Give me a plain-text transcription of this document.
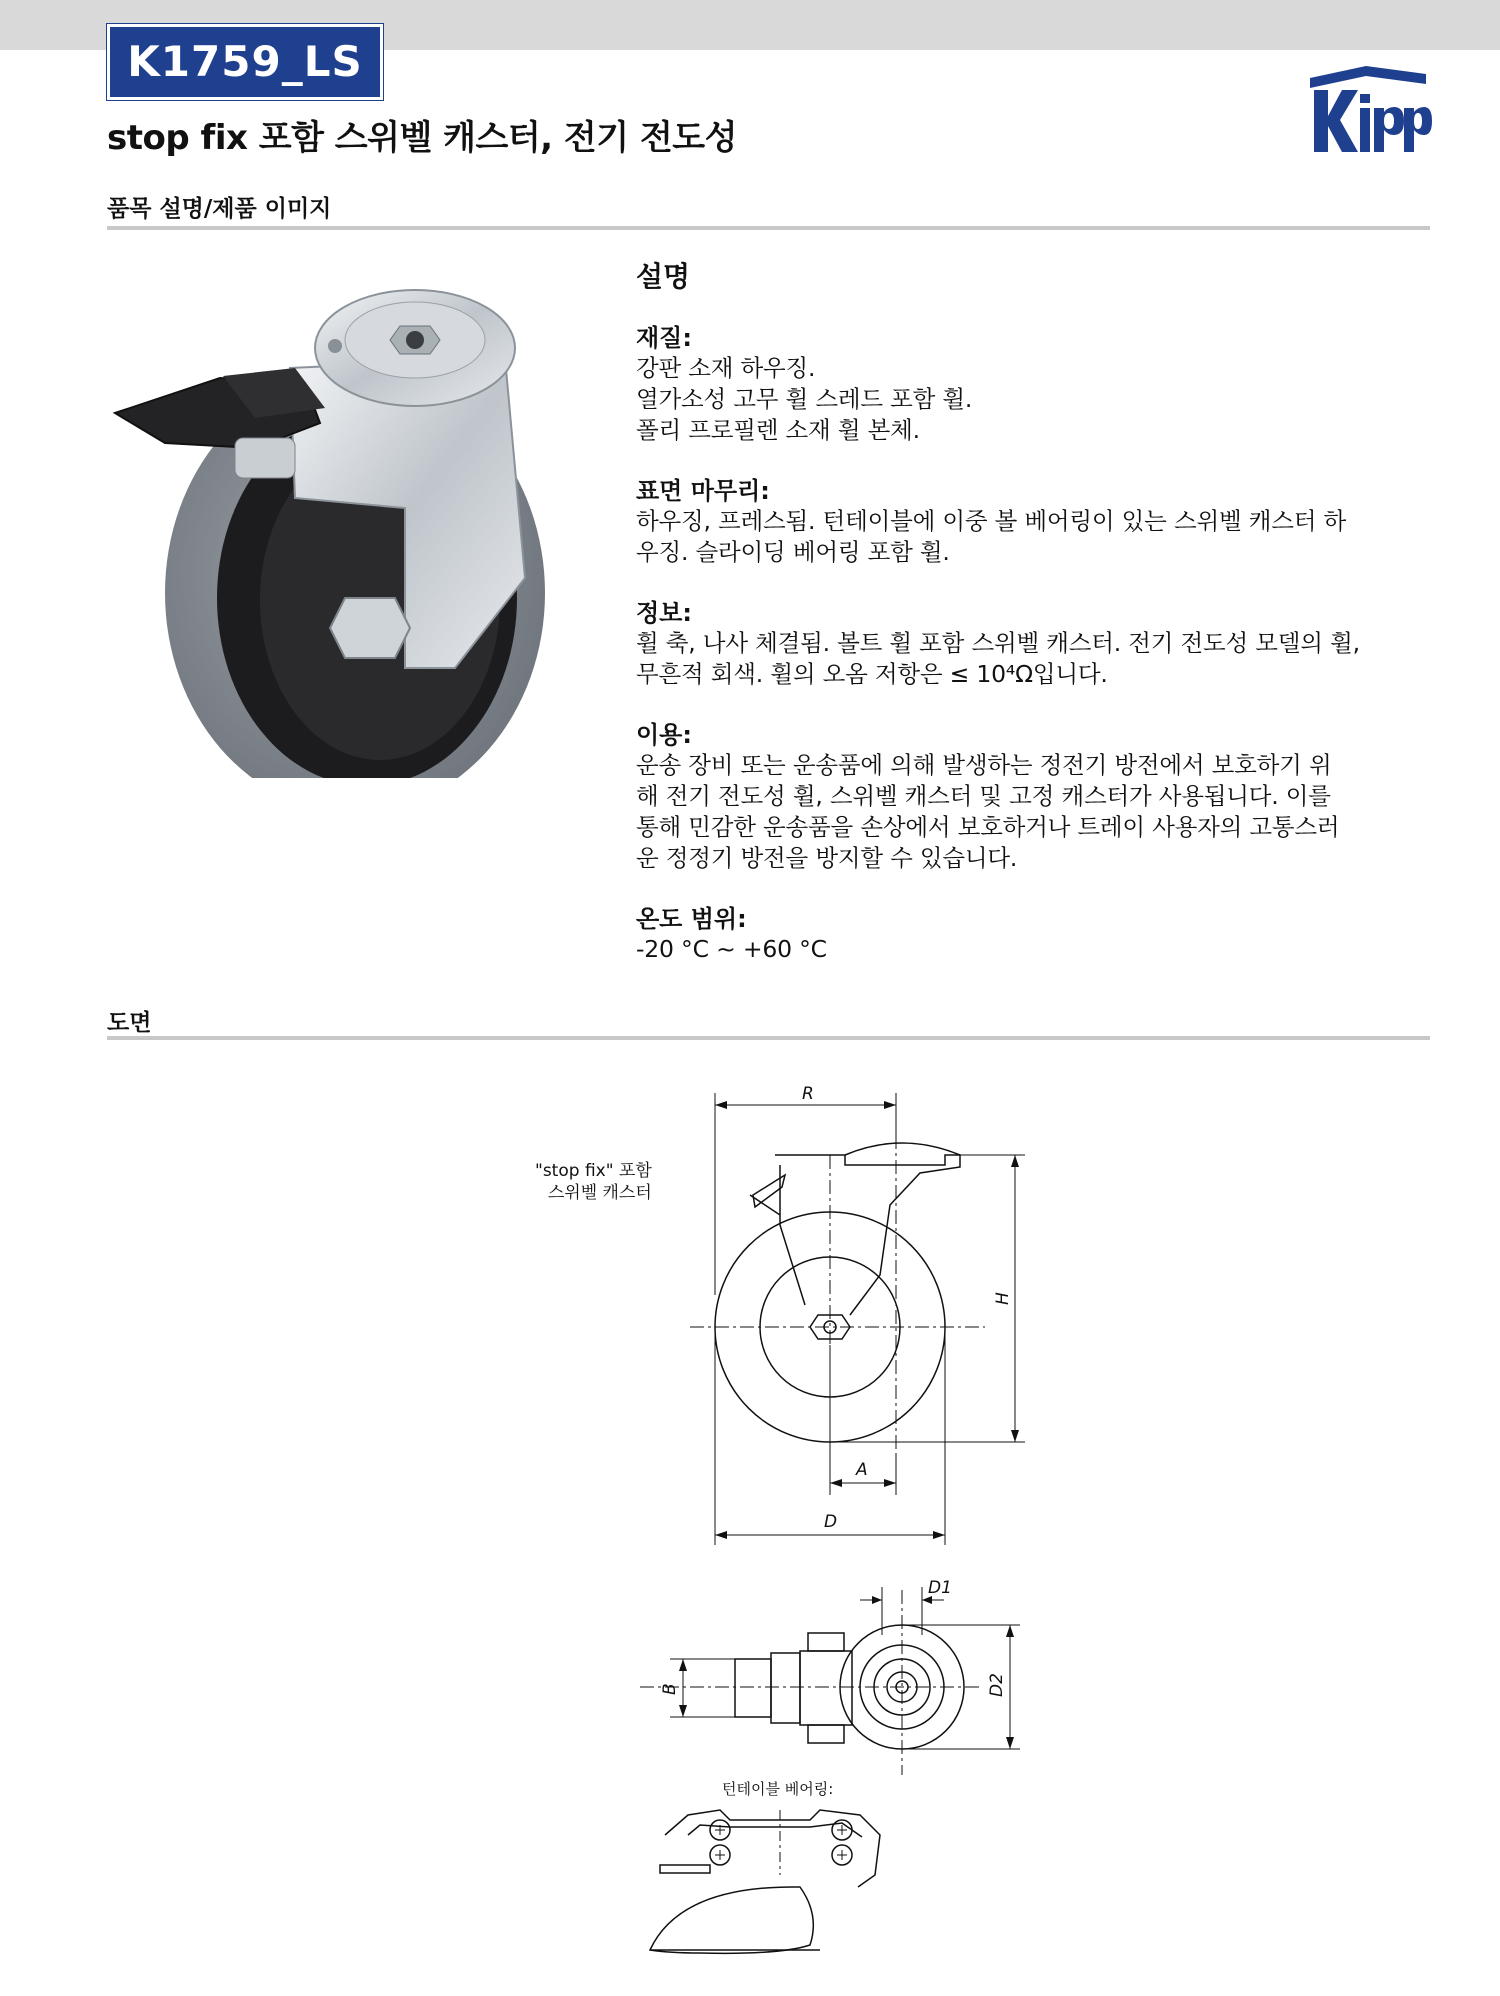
K1759_LS
stop fix 포함 스위벨 캐스터, 전기 전도성
품목 설명/제품 이미지
설명
재질:
강판 소재 하우징.
열가소성 고무 휠 스레드 포함 휠.
폴리 프로필렌 소재 휠 본체.
표면 마무리:
하우징, 프레스됨. 턴테이블에 이중 볼 베어링이 있는 스위벨 캐스터 하
우징. 슬라이딩 베어링 포함 휠.
정보:
휠 축, 나사 체결됨. 볼트 휠 포함 스위벨 캐스터. 전기 전도성 모델의 휠,
무흔적 회색. 휠의 오옴 저항은 ≤ 10⁴Ω입니다.
이용:
운송 장비 또는 운송품에 의해 발생하는 정전기 방전에서 보호하기 위
해 전기 전도성 휠, 스위벨 캐스터 및 고정 캐스터가 사용됩니다. 이를
통해 민감한 운송품을 손상에서 보호하거나 트레이 사용자의 고통스러
운 정정기 방전을 방지할 수 있습니다.
온도 범위:
-20 °C ~ +60 °C
도면
"stop fix" 포함
스위벨 캐스터
턴테이블 베어링:
R
H
A
D
D1
D2
B
